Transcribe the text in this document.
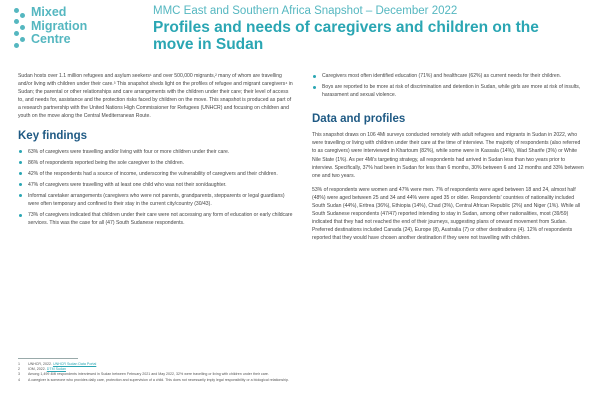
Mixed
Migration
Centre
MMC East and Southern Africa Snapshot – December 2022
Profiles and needs of caregivers and children on the move in Sudan

Sudan hosts over 1.1 million refugees and asylum seekers¹ and over 500,000 migrants,² many of whom are travelling and/or living with children under their care.³ This snapshot sheds light on the profiles of refugee and migrant caregivers⁴ in Sudan; the parental or other relationships and care arrangements with the children under their care; their level of access to, and needs for, assistance and the protection risks faced by children on the move. This snapshot is produced as part of a research partnership with the United Nations High Commissioner for Refugees (UNHCR) and focusing on children and youth on the move along the Central Mediterranean Route.

Key findings
63% of caregivers were travelling and/or living with four or more children under their care.
86% of respondents reported being the sole caregiver to the children.
42% of the respondents had a source of income, underscoring the vulnerability of caregivers and their children.
47% of caregivers were travelling with at least one child who was not their son/daughter.
Informal caretaker arrangements (caregivers who were not parents, grandparents, stepparents or legal guardians) were often temporary and confined to their stay in the current city/country (30/43).
73% of caregivers indicated that children under their care were not accessing any form of education or early childcare services. This was the case for all (47) South Sudanese respondents.
1 UNHCR, 2022. UNHCR Sudan Data Portal
2 IOM, 2022. DTM Sudan
3 Among 1,499 4Mi respondents interviewed in Sudan between February 2021 and May 2022, 32% were travelling or living with children under their care.
4 A caregiver is someone who provides daily care, protection and supervision of a child. This does not necessarily imply legal responsibility or a biological relationship.
Caregivers most often identified education (71%) and healthcare (62%) as current needs for their children.
Boys are reported to be more at risk of discrimination and detention in Sudan, while girls are more at risk of insults, harassment and sexual violence.
Data and profiles

This snapshot draws on 106 4Mi surveys conducted remotely with adult refugees and migrants in Sudan in 2022, who were travelling or living with children under their care at the time of interview. The majority of respondents (also referred to as caregivers) were interviewed in Khartoum (82%), while some were in Kassala (14%), Wad Sharife (3%) or White Nile State (1%). As per 4Mi's targeting strategy, all respondents had arrived in Sudan less than two years prior to interview. Specifically, 37% had been in Sudan for less than 6 months, 30% between 6 and 12 months and 33% between one and two years.

53% of respondents were women and 47% were men. 7% of respondents were aged between 18 and 24, almost half (48%) were aged between 25 and 34 and 44% were aged 35 or older. Respondents' countries of nationality included South Sudan (44%), Eritrea (36%), Ethiopia (14%), Chad (3%), Central African Republic (2%) and Niger (1%). While all South Sudanese respondents (47/47) reported intending to stay in Sudan, among other nationalities, most (39/59) indicated that they had not reached the end of their journeys, suggesting plans of onward movement from Sudan. Preferred destinations included Canada (24), Europe (8), Australia (7) or other destinations (4). 12% of respondents reported that they would have chosen another destination if they were not travelling with children.
